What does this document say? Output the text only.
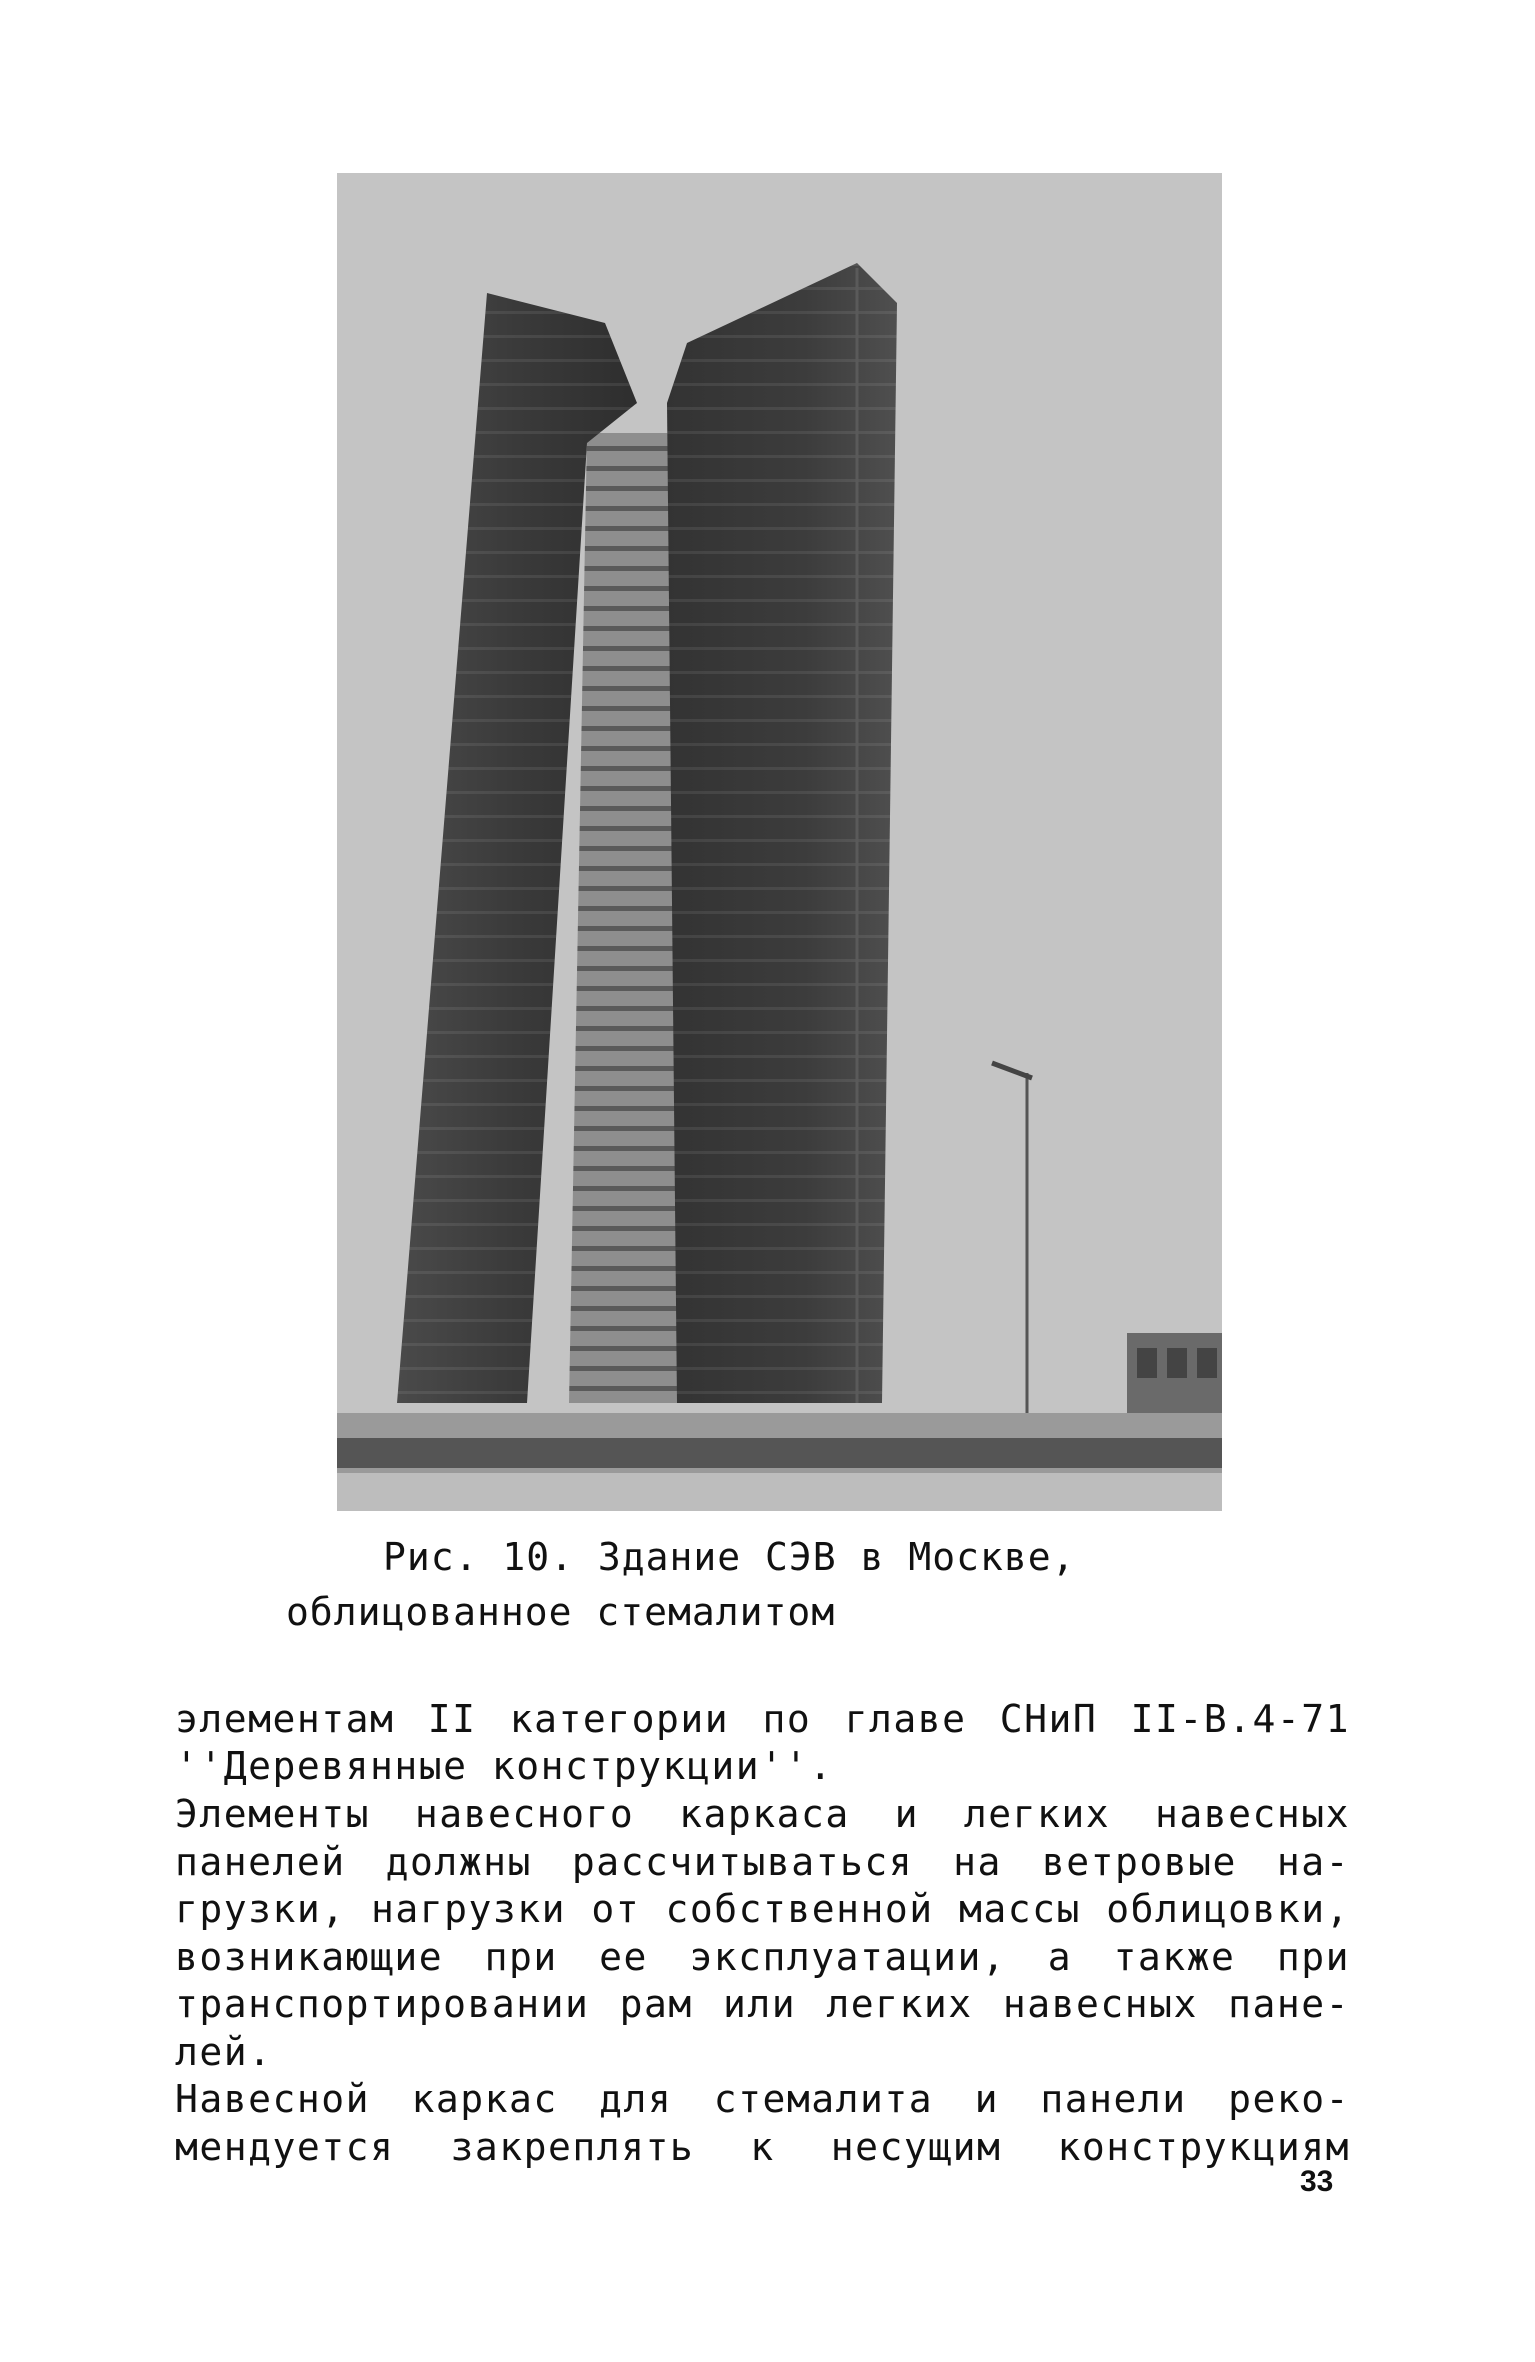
Рис. 10. Здание СЭВ в Москве,
облицованное стемалитом
элементам II категории по главе СНиП II-В.4-71
''Деревянные конструкции''.
Элементы навесного каркаса и легких навесных
панелей должны рассчитываться на ветровые на-
грузки, нагрузки от собственной массы облицовки,
возникающие при ее эксплуатации, а также при
транспортировании рам или легких навесных пане-
лей.
Навесной каркас для стемалита и панели реко-
мендуется закреплять к несущим конструкциям
33
